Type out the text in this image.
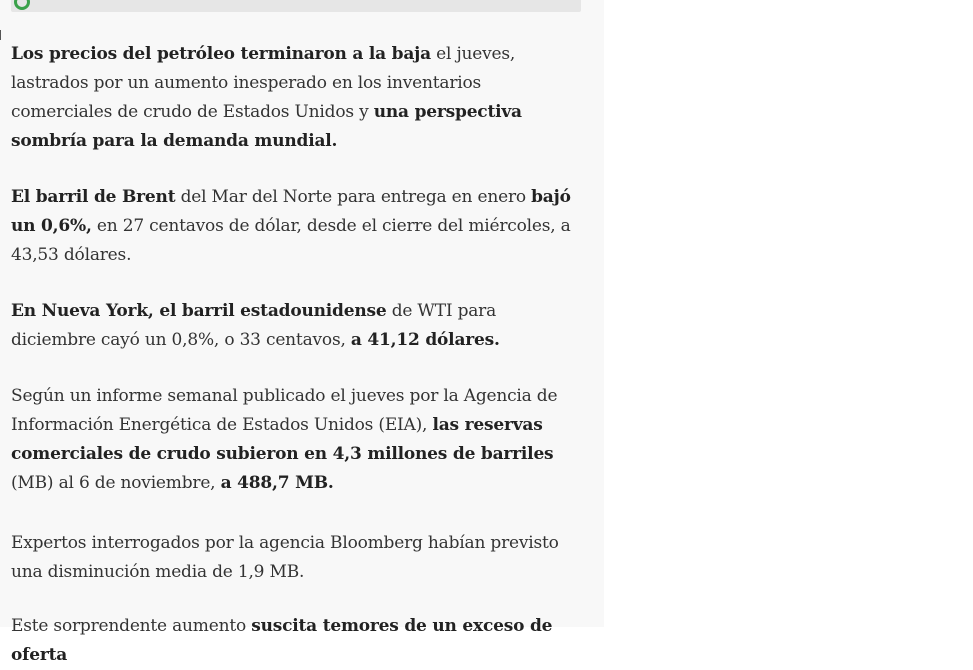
Los precios del petróleo terminaron a la baja el jueves, lastrados por un aumento inesperado en los inventarios comerciales de crudo de Estados Unidos y una perspectiva sombría para la demanda mundial.

El barril de Brent del Mar del Norte para entrega en enero bajó un 0,6%, en 27 centavos de dólar, desde el cierre del miércoles, a 43,53 dólares.

En Nueva York, el barril estadounidense de WTI para diciembre cayó un 0,8%, o 33 centavos, a 41,12 dólares.

Según un informe semanal publicado el jueves por la Agencia de Información Energética de Estados Unidos (EIA), las reservas comerciales de crudo subieron en 4,3 millones de barriles (MB) al 6 de noviembre, a 488,7 MB.

Expertos interrogados por la agencia Bloomberg habían previsto una disminución media de 1,9 MB.

Este sorprendente aumento suscita temores de un exceso de oferta
